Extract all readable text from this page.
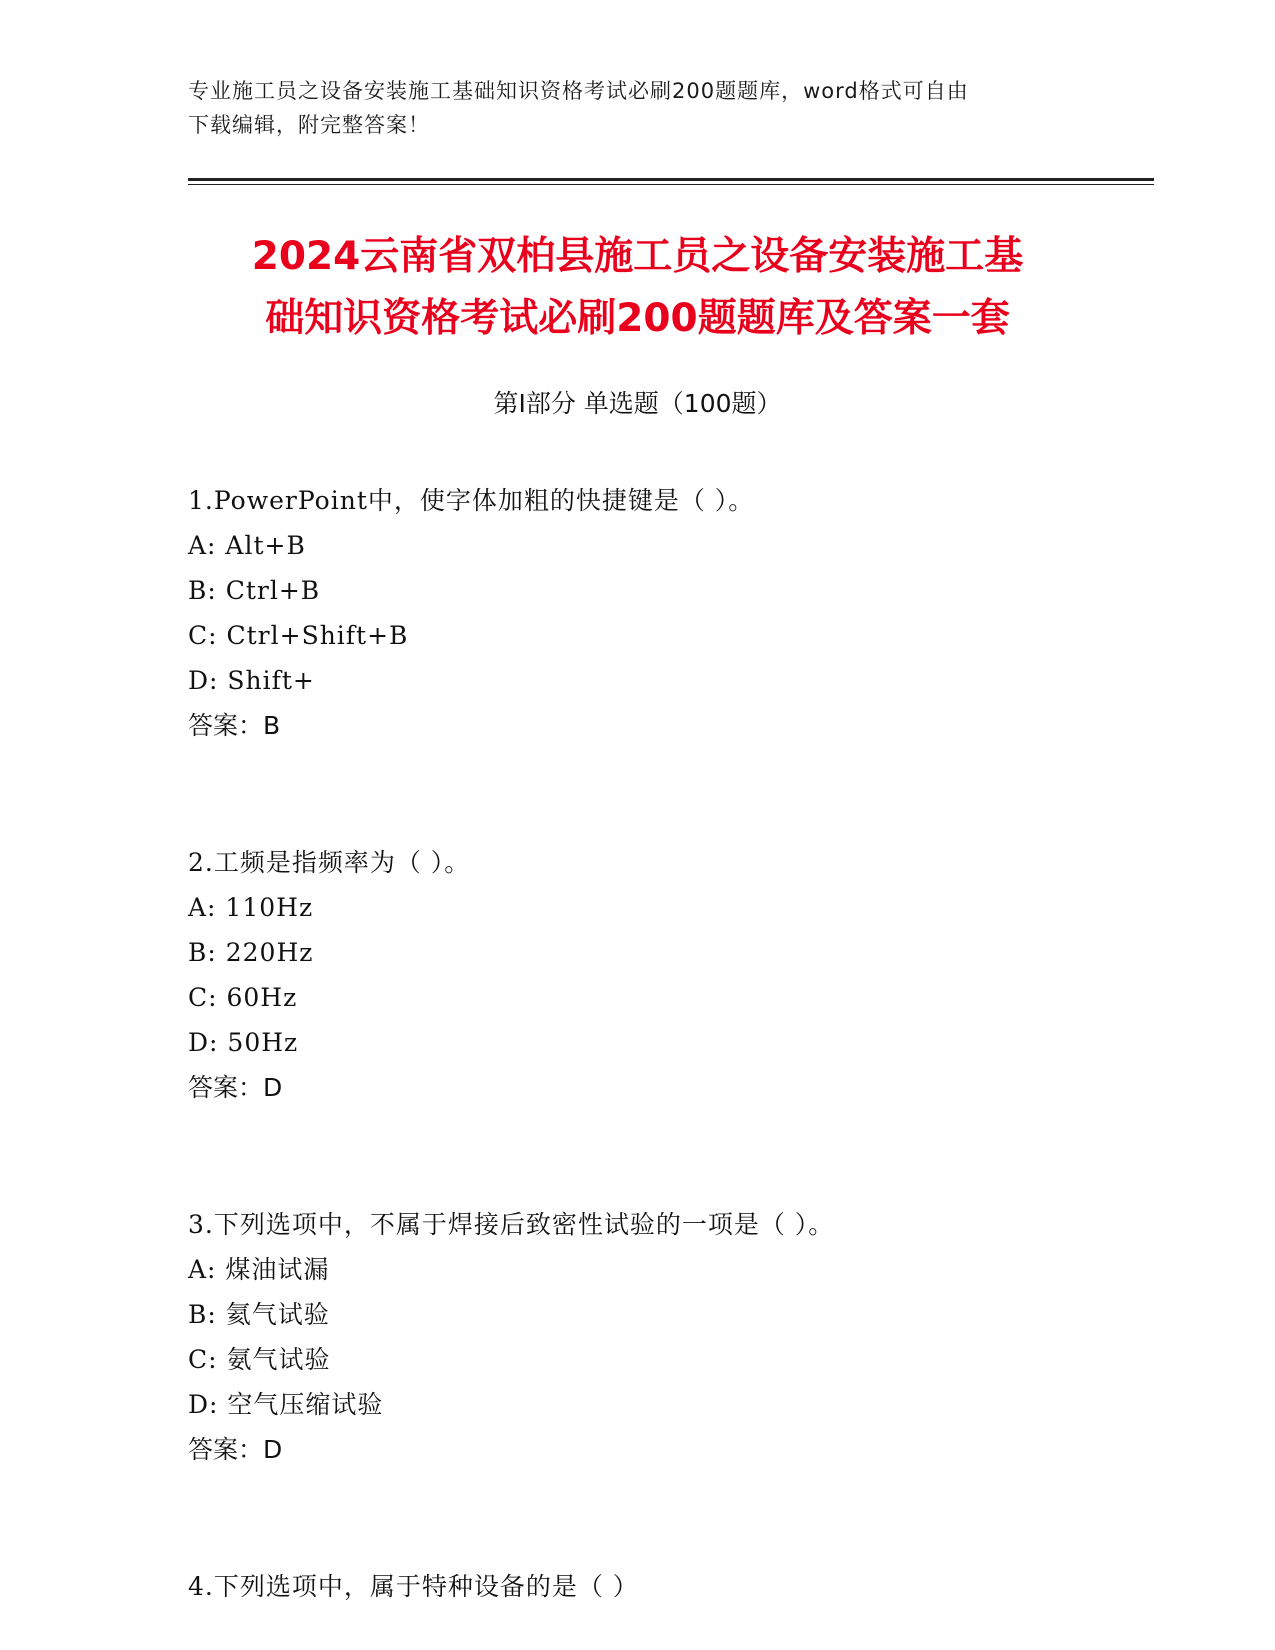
专业施工员之设备安装施工基础知识资格考试必刷200题题库，word格式可自由
下载编辑，附完整答案！
2024云南省双柏县施工员之设备安装施工基
础知识资格考试必刷200题题库及答案一套
第Ⅰ部分 单选题（100题）
1.PowerPoint中，使字体加粗的快捷键是（ ）。
A: Alt+B
B: Ctrl+B
C: Ctrl+Shift+B
D: Shift+
答案：B
2.工频是指频率为（ ）。
A: 110Hz
B: 220Hz
C: 60Hz
D: 50Hz
答案：D
3.下列选项中，不属于焊接后致密性试验的一项是（ ）。
A: 煤油试漏
B: 氦气试验
C: 氨气试验
D: 空气压缩试验
答案：D
4.下列选项中，属于特种设备的是（ ）
